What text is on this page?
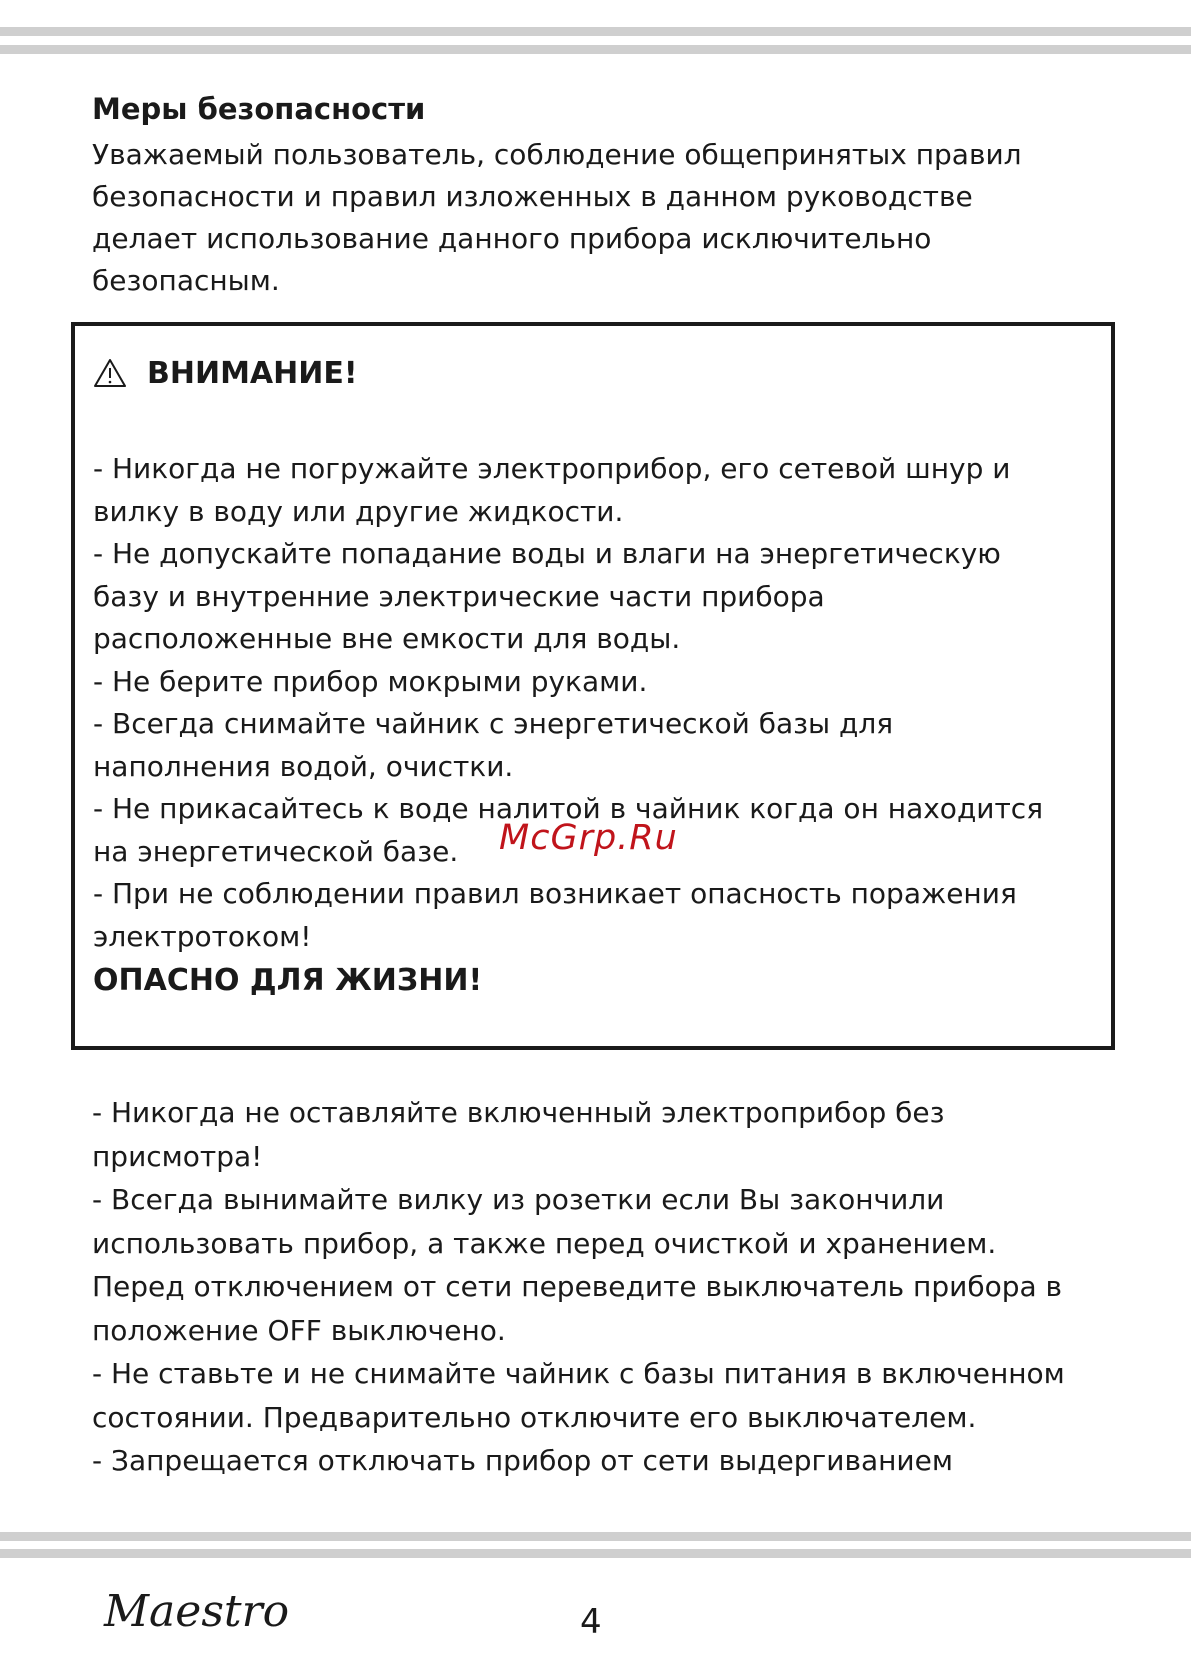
Меры безопасности
Уважаемый пользователь, соблюдение общепринятых правил
безопасности и правил изложенных в данном руководстве
делает использование данного прибора исключительно
безопасным.
ВНИМАНИЕ!
- Никогда не погружайте электроприбор, его сетевой шнур и
вилку в воду или другие жидкости.
- Не допускайте попадание воды и влаги на энергетическую
базу и внутренние электрические части прибора
расположенные вне емкости для воды.
- Не берите прибор мокрыми руками.
- Всегда снимайте чайник с энергетической базы для
наполнения водой, очистки.
- Не прикасайтесь к воде налитой в чайник когда он находится
на энергетической базе.
- При не соблюдении правил возникает опасность поражения
электротоком!
ОПАСНО ДЛЯ ЖИЗНИ!
McGrp.Ru
- Никогда не оставляйте включенный электроприбор без
присмотра!
- Всегда вынимайте вилку из розетки если Вы закончили
использовать прибор, а также перед очисткой и хранением.
Перед отключением от сети переведите выключатель прибора в
положение OFF выключено.
- Не ставьте и не снимайте чайник с базы питания в включенном
состоянии. Предварительно отключите его выключателем.
- Запрещается отключать прибор от сети выдергиванием
Maestro	4
